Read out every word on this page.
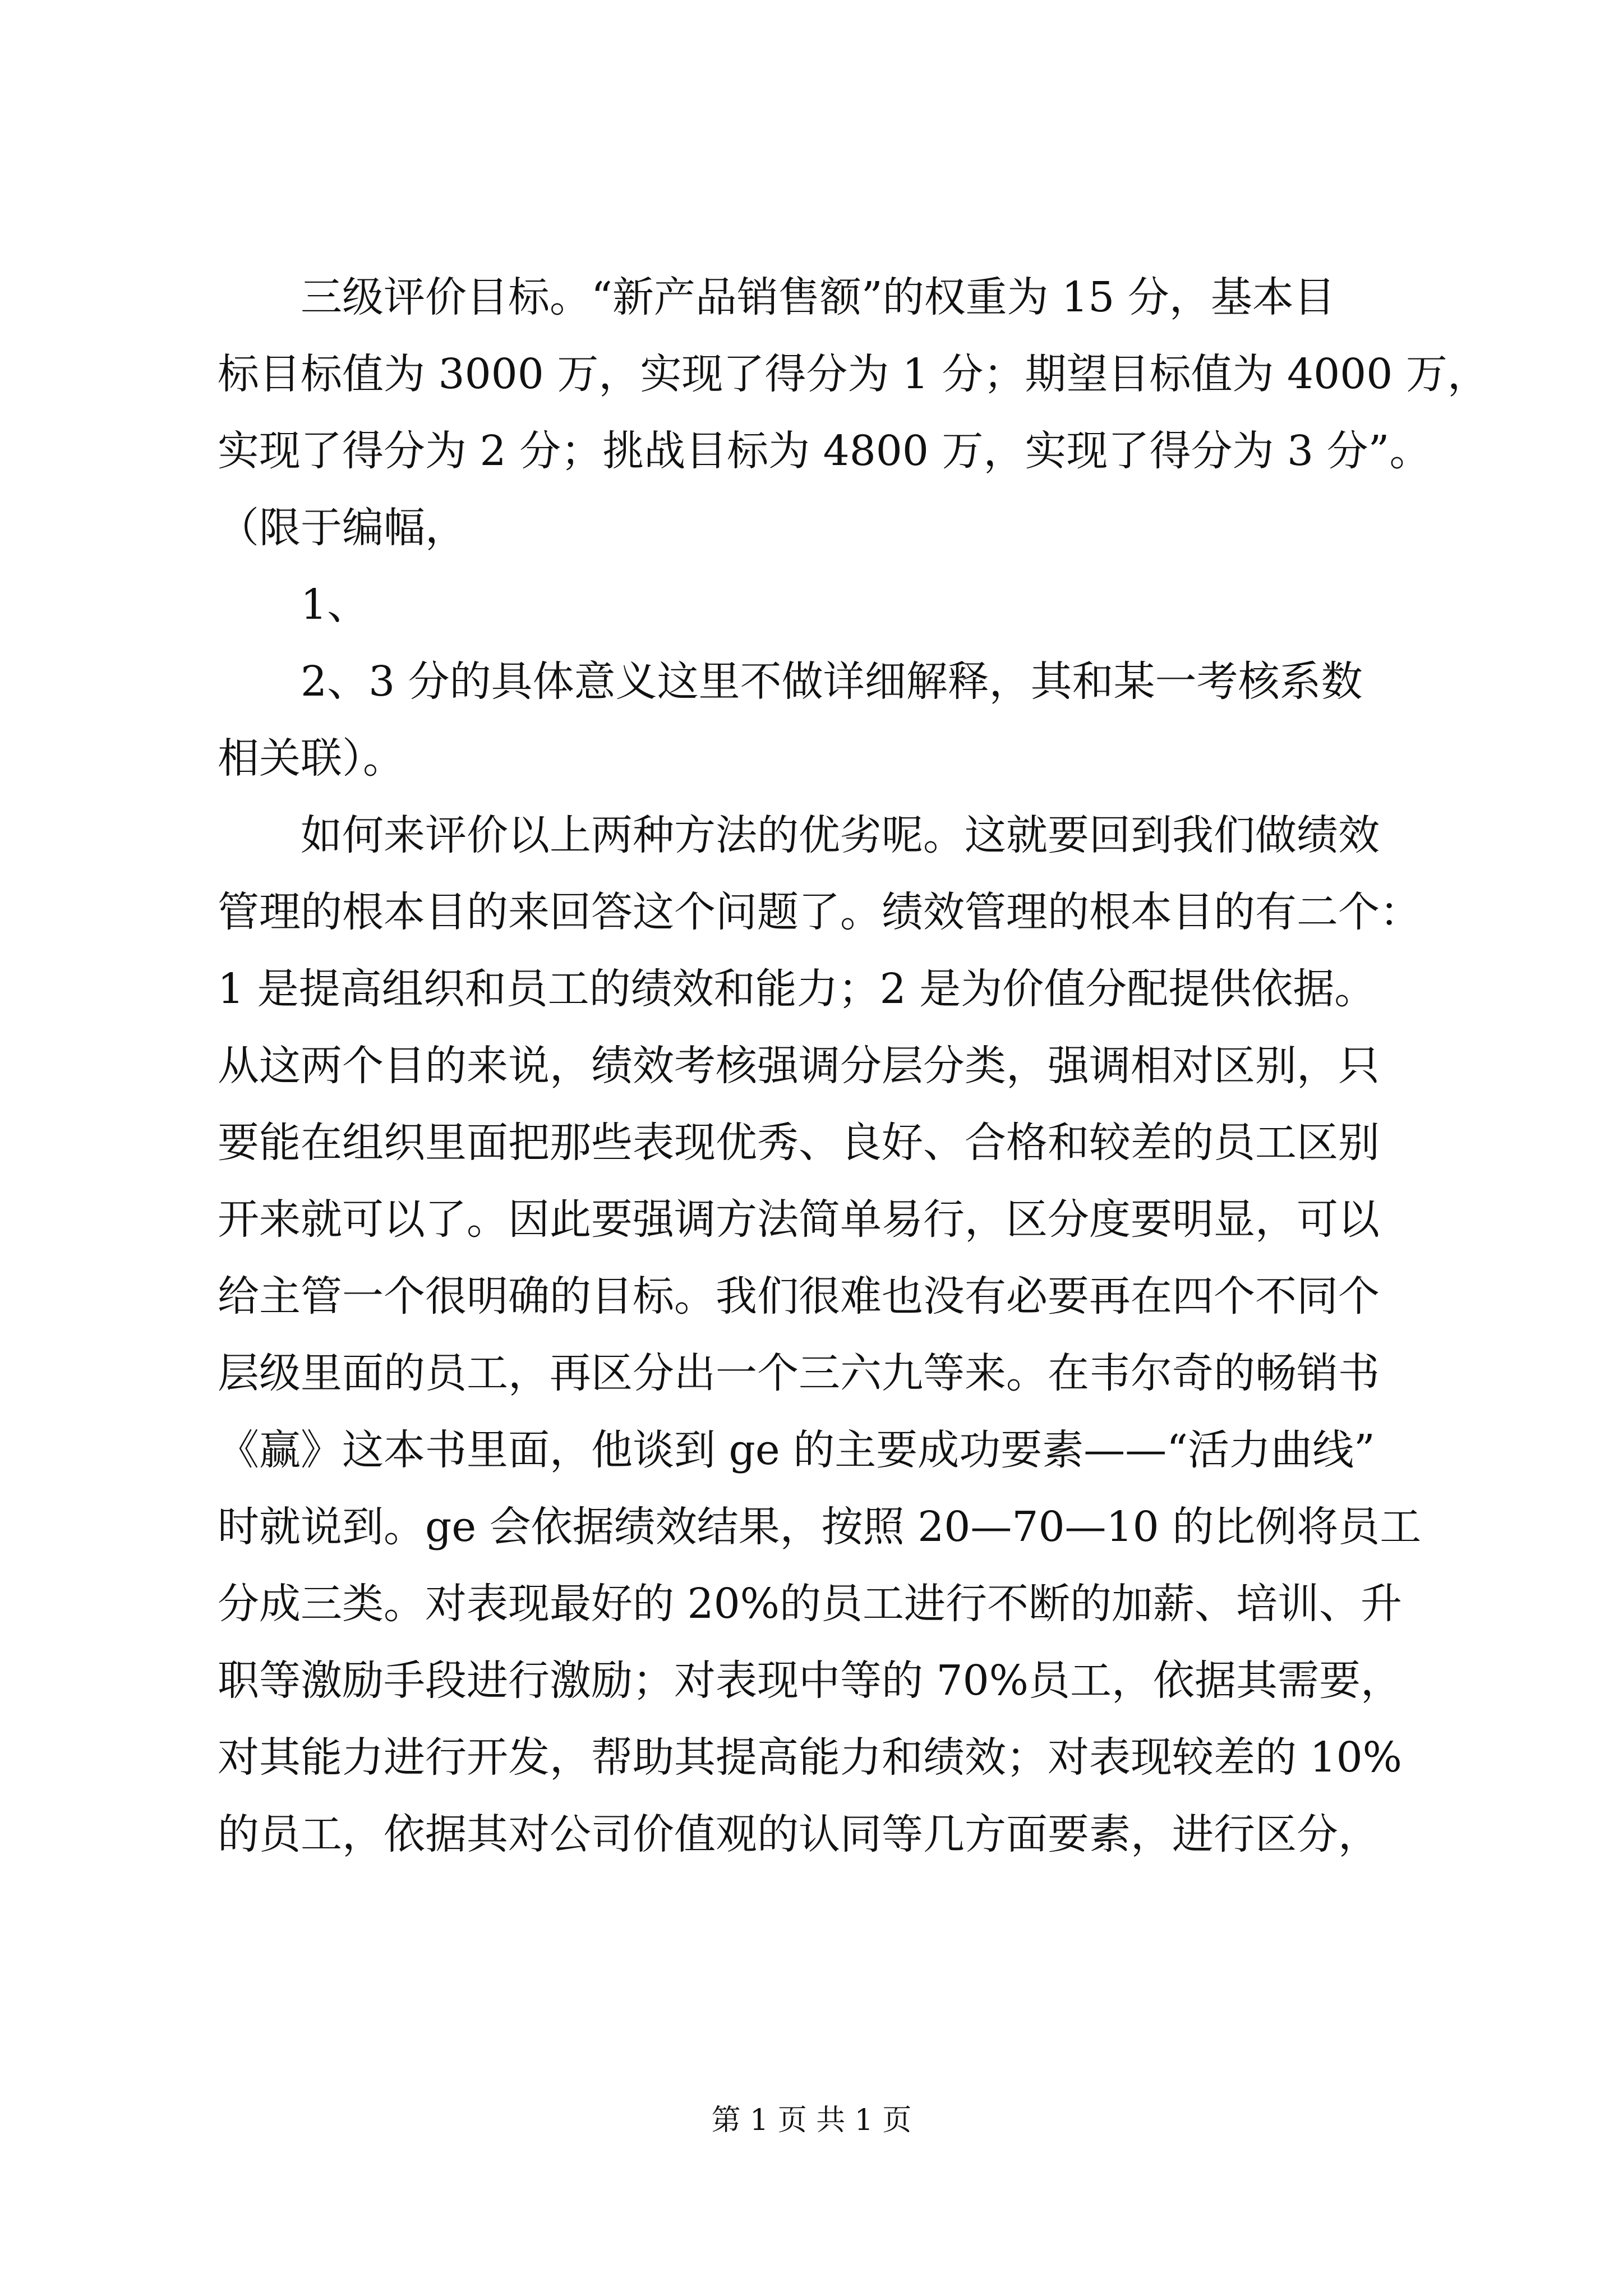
三级评价目标。“新产品销售额”的权重为 15 分，基本目
标目标值为 3000 万，实现了得分为 1 分；期望目标值为 4000 万，
实现了得分为 2 分；挑战目标为 4800 万，实现了得分为 3 分”。
（限于编幅，
1、
2、3 分的具体意义这里不做详细解释，其和某一考核系数
相关联）。
如何来评价以上两种方法的优劣呢。这就要回到我们做绩效
管理的根本目的来回答这个问题了。绩效管理的根本目的有二个：
1 是提高组织和员工的绩效和能力；2 是为价值分配提供依据。
从这两个目的来说，绩效考核强调分层分类，强调相对区别，只
要能在组织里面把那些表现优秀、良好、合格和较差的员工区别
开来就可以了。因此要强调方法简单易行，区分度要明显，可以
给主管一个很明确的目标。我们很难也没有必要再在四个不同个
层级里面的员工，再区分出一个三六九等来。在韦尔奇的畅销书
《赢》这本书里面，他谈到 ge 的主要成功要素——“活力曲线”
时就说到。ge 会依据绩效结果，按照 20—70—10 的比例将员工
分成三类。对表现最好的 20%的员工进行不断的加薪、培训、升
职等激励手段进行激励；对表现中等的 70%员工，依据其需要，
对其能力进行开发，帮助其提高能力和绩效；对表现较差的 10%
的员工，依据其对公司价值观的认同等几方面要素，进行区分，
第 1 页 共 1 页
